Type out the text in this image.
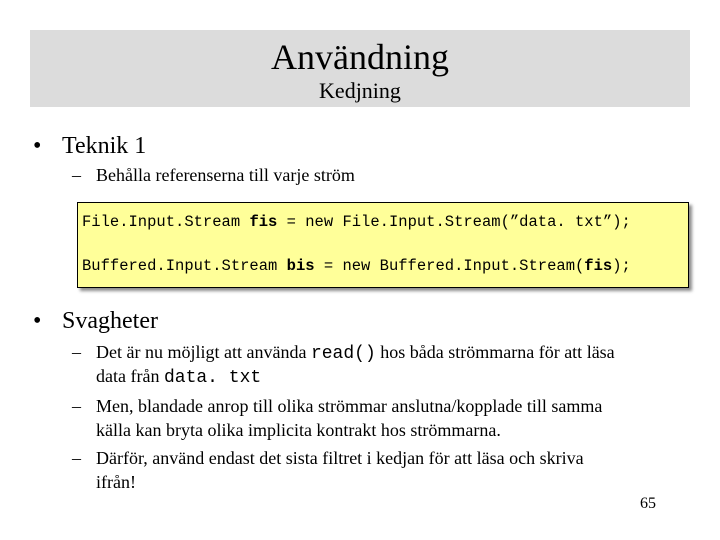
Användning
Kedjning
• Teknik 1
– Behålla referenserna till varje ström

File.Input.Stream fis = new File.Input.Stream(”data. txt”);

Buffered.Input.Stream bis = new Buffered.Input.Stream(fis);

• Svagheter
– Det är nu möjligt att använda read() hos båda strömmarna för att läsa
data från data. txt
– Men, blandade anrop till olika strömmar anslutna/kopplade till samma
källa kan bryta olika implicita kontrakt hos strömmarna.
– Därför, använd endast det sista filtret i kedjan för att läsa och skriva
ifrån!
65
